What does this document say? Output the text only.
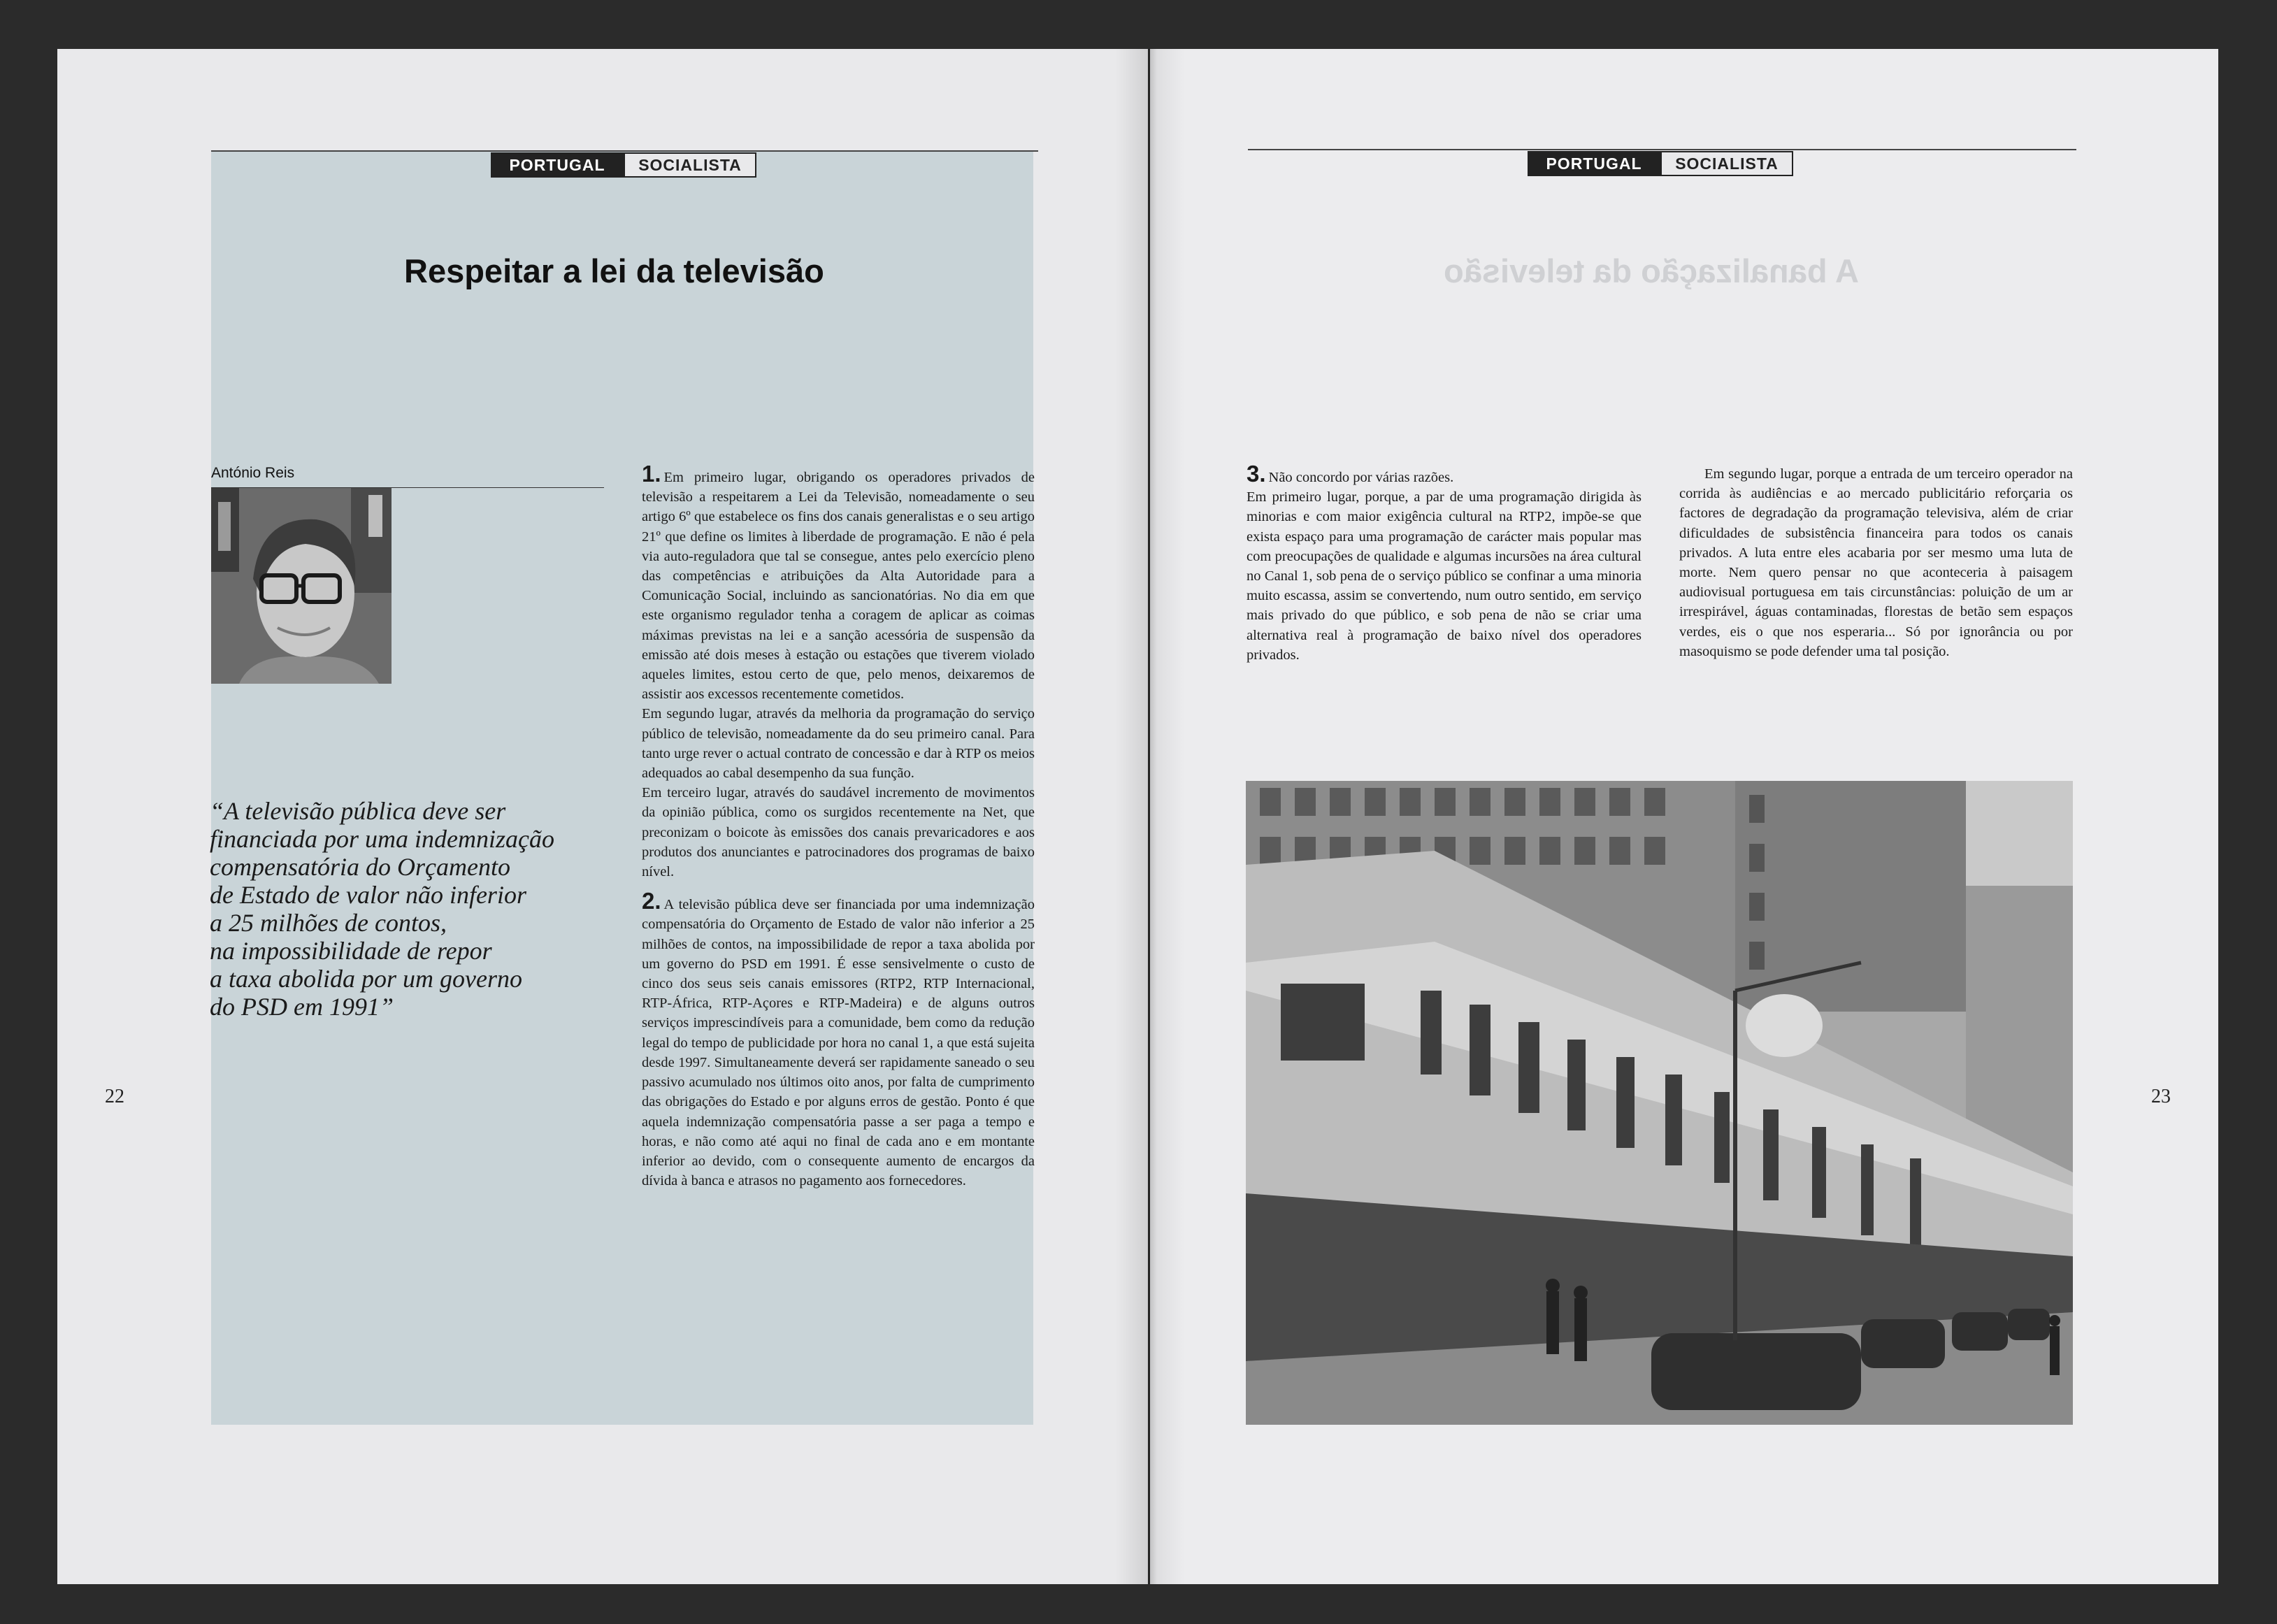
PORTUGAL	SOCIALISTA
Respeitar a lei da televisão
António Reis
“A televisão pública deve ser
financiada por uma indemnização
compensatória do Orçamento
de Estado de valor não inferior
a 25 milhões de contos,
na impossibilidade de repor
a taxa abolida por um governo
do PSD em 1991”

1. Em primeiro lugar, obrigando os operadores privados de televisão a respeitarem a Lei da Televisão, nomeadamente o seu artigo 6º que estabelece os fins dos canais generalistas e o seu artigo 21º que define os limites à liberdade de programação. E não é pela via auto-reguladora que tal se consegue, antes pelo exercício pleno das competências e atribuições da Alta Autoridade para a Comunicação Social, incluindo as sancionatórias. No dia em que este organismo regulador tenha a coragem de aplicar as coimas máximas previstas na lei e a sanção acessória de suspensão da emissão até dois meses à estação ou estações que tiverem violado aqueles limites, estou certo de que, pelo menos, deixaremos de assistir aos excessos recentemente cometidos.

Em segundo lugar, através da melhoria da programação do serviço público de televisão, nomeadamente da do seu primeiro canal. Para tanto urge rever o actual contrato de concessão e dar à RTP os meios adequados ao cabal desempenho da sua função.

Em terceiro lugar, através do saudável incremento de movimentos da opinião pública, como os surgidos recentemente na Net, que preconizam o boicote às emissões dos canais prevaricadores e aos produtos dos anunciantes e patrocinadores dos programas de baixo nível.

2. A televisão pública deve ser financiada por uma indemnização compensatória do Orçamento de Estado de valor não inferior a 25 milhões de contos, na impossibilidade de repor a taxa abolida por um governo do PSD em 1991. É esse sensivelmente o custo de cinco dos seus seis canais emissores (RTP2, RTP Internacional, RTP-África, RTP-Açores e RTP-Madeira) e de alguns outros serviços imprescindíveis para a comunidade, bem como da redução legal do tempo de publicidade por hora no canal 1, a que está sujeita desde 1997. Simultaneamente deverá ser rapidamente saneado o seu passivo acumulado nos últimos oito anos, por falta de cumprimento das obrigações do Estado e por alguns erros de gestão. Ponto é que aquela indemnização compensatória passe a ser paga a tempo e horas, e não como até aqui no final de cada ano e em montante inferior ao devido, com o consequente aumento de encargos da dívida à banca e atrasos no pagamento aos fornecedores.

22
PORTUGAL	SOCIALISTA
A banalização da televisão

3. Não concordo por várias razões.

Em primeiro lugar, porque, a par de uma programação dirigida às minorias e com maior exigência cultural na RTP2, impõe-se que exista espaço para uma programação de carácter mais popular mas com preocupações de qualidade e algumas incursões na área cultural no Canal 1, sob pena de o serviço público se confinar a uma minoria muito escassa, assim se convertendo, num outro sentido, em serviço mais privado do que público, e sob pena de não se criar uma alternativa real à programação de baixo nível dos operadores privados.

Em segundo lugar, porque a entrada de um terceiro operador na corrida às audiências e ao mercado publicitário reforçaria os factores de degradação da programação televisiva, além de criar dificuldades de subsistência financeira para todos os canais privados. A luta entre eles acabaria por ser mesmo uma luta de morte. Nem quero pensar no que aconteceria à paisagem audiovisual portuguesa em tais circunstâncias: poluição de um ar irrespirável, águas contaminadas, florestas de betão sem espaços verdes, eis o que nos esperaria... Só por ignorância ou por masoquismo se pode defender uma tal posição.

23
